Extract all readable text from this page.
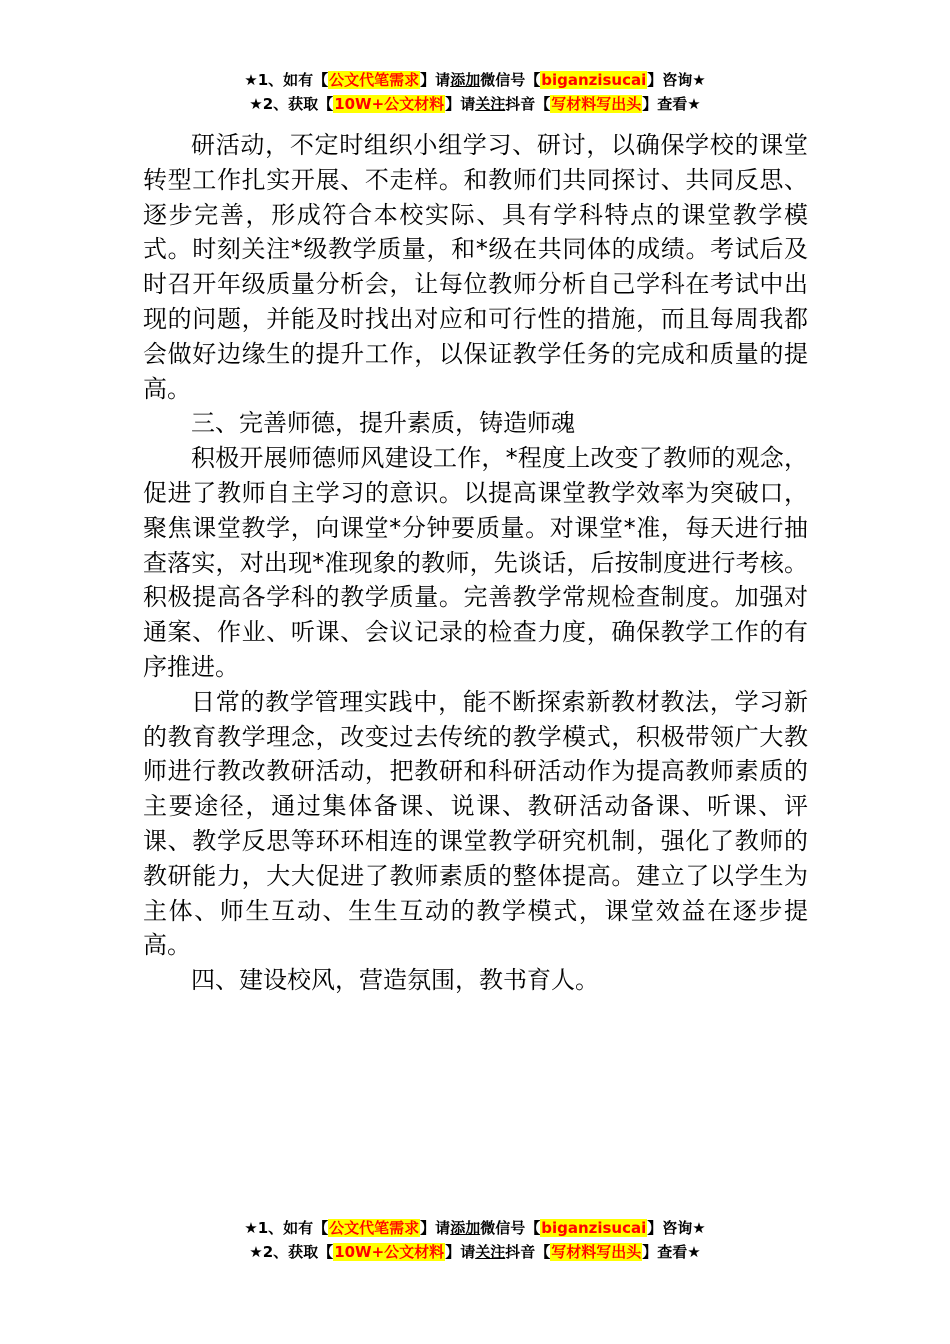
★1、如有【公文代笔需求】请添加微信号【biganzisucai】咨询★
★2、获取【10W+公文材料】请关注抖音【写材料写出头】查看★

研活动，不定时组织小组学习、研讨，以确保学校的课堂转型工作扎实开展、不走样。和教师们共同探讨、共同反思、逐步完善，形成符合本校实际、具有学科特点的课堂教学模式。时刻关注*级教学质量，和*级在共同体的成绩。考试后及时召开年级质量分析会，让每位教师分析自己学科在考试中出现的问题，并能及时找出对应和可行性的措施，而且每周我都会做好边缘生的提升工作，以保证教学任务的完成和质量的提高。

三、完善师德，提升素质，铸造师魂

积极开展师德师风建设工作，*程度上改变了教师的观念，促进了教师自主学习的意识。以提高课堂教学效率为突破口，聚焦课堂教学，向课堂*分钟要质量。对课堂*准，每天进行抽查落实，对出现*准现象的教师，先谈话，后按制度进行考核。积极提高各学科的教学质量。完善教学常规检查制度。加强对通案、作业、听课、会议记录的检查力度，确保教学工作的有序推进。

日常的教学管理实践中，能不断探索新教材教法，学习新的教育教学理念，改变过去传统的教学模式，积极带领广大教师进行教改教研活动，把教研和科研活动作为提高教师素质的主要途径，通过集体备课、说课、教研活动备课、听课、评课、教学反思等环环相连的课堂教学研究机制，强化了教师的教研能力，大大促进了教师素质的整体提高。建立了以学生为主体、师生互动、生生互动的教学模式，课堂效益在逐步提高。

四、建设校风，营造氛围，教书育人。

★1、如有【公文代笔需求】请添加微信号【biganzisucai】咨询★
★2、获取【10W+公文材料】请关注抖音【写材料写出头】查看★
